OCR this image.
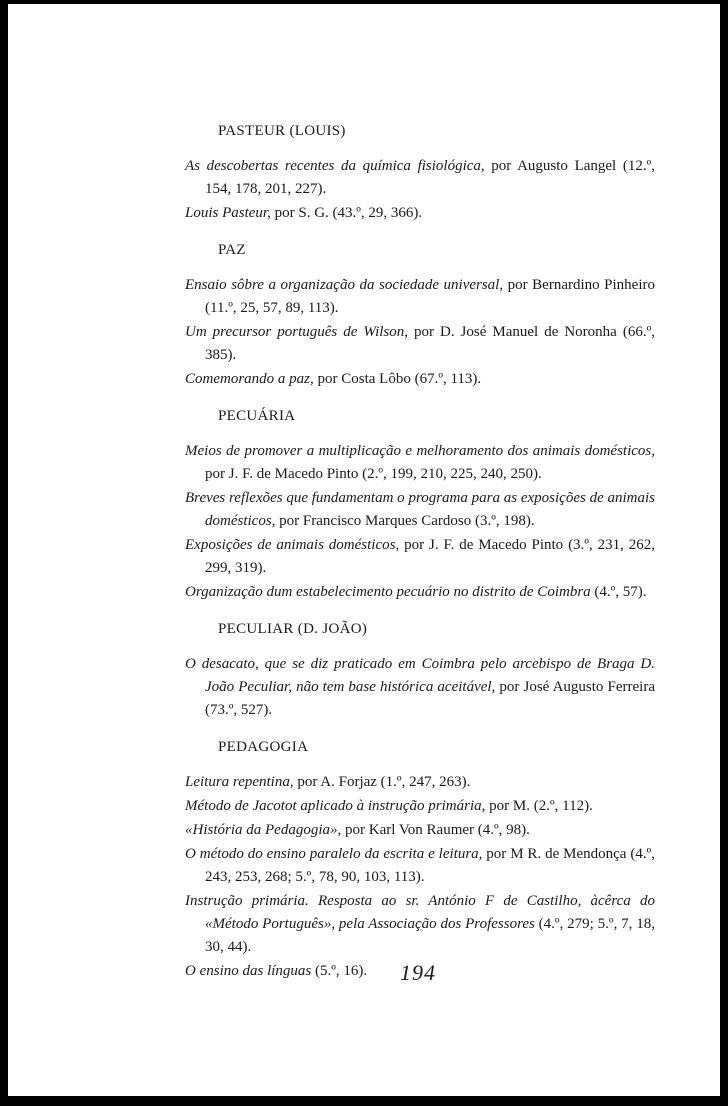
PASTEUR (LOUIS)

As descobertas recentes da química fisiológica, por Augusto Langel (12.º, 154, 178, 201, 227).

Louis Pasteur, por S. G. (43.º, 29, 366).

PAZ

Ensaio sôbre a organização da sociedade universal, por Bernardino Pinheiro (11.º, 25, 57, 89, 113).

Um precursor português de Wilson, por D. José Manuel de Noronha (66.º, 385).

Comemorando a paz, por Costa Lôbo (67.º, 113).

PECUÁRIA

Meios de promover a multiplicação e melhoramento dos animais domésticos, por J. F. de Macedo Pinto (2.º, 199, 210, 225, 240, 250).

Breves reflexões que fundamentam o programa para as exposições de animais domésticos, por Francisco Marques Cardoso (3.º, 198).

Exposições de animais domésticos, por J. F. de Macedo Pinto (3.º, 231, 262, 299, 319).

Organização dum estabelecimento pecuário no distrito de Coimbra (4.º, 57).

PECULIAR (D. JOÃO)

O desacato, que se diz praticado em Coimbra pelo arcebispo de Braga D. João Peculiar, não tem base histórica aceitável, por José Augusto Ferreira (73.º, 527).

PEDAGOGIA

Leitura repentina, por A. Forjaz (1.º, 247, 263).

Método de Jacotot aplicado à instrução primária, por M. (2.º, 112).

«História da Pedagogia», por Karl Von Raumer (4.º, 98).

O método do ensino paralelo da escrita e leitura, por M R. de Mendonça (4.º, 243, 253, 268; 5.º, 78, 90, 103, 113).

Instrução primária. Resposta ao sr. António F de Castilho, àcêrca do «Método Português», pela Associação dos Professores (4.º, 279; 5.º, 7, 18, 30, 44).

O ensino das línguas (5.º, 16).	194
